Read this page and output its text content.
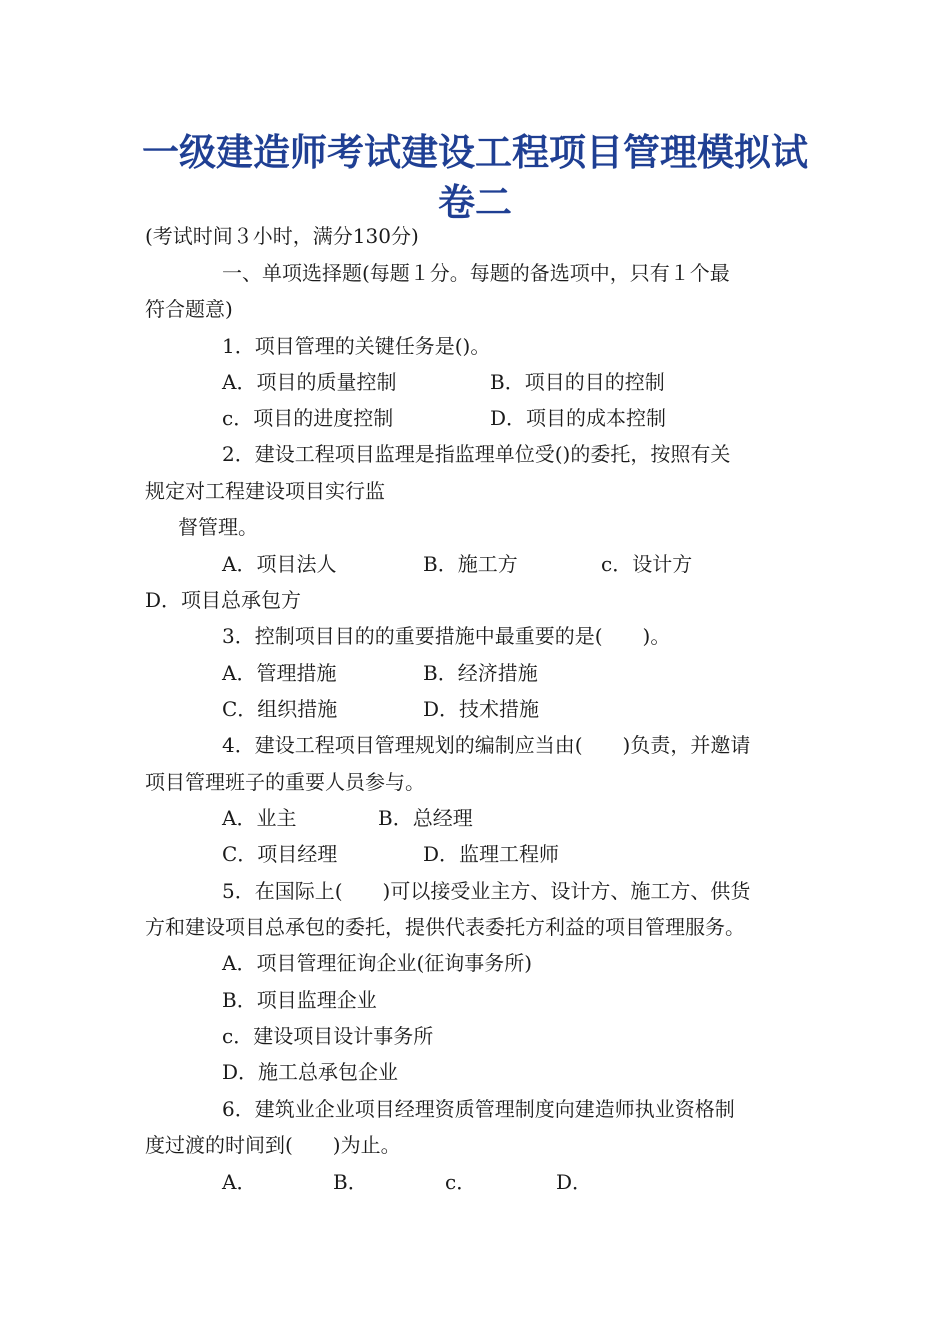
一级建造师考试建设工程项目管理模拟试
卷二

(考试时间３小时，满分130分)

一、单项选择题(每题１分。每题的备选项中，只有１个最

符合题意)

1．项目管理的关键任务是()。

A．项目的质量控制	B．项目的目的控制
c．项目的进度控制	D．项目的成本控制

2．建设工程项目监理是指监理单位受()的委托，按照有关

规定对工程建设项目实行监

督管理。

A．项目法人	B．施工方	c．设计方
D．项目总承包方

3．控制项目目的的重要措施中最重要的是(　　)。

A．管理措施	B．经济措施
C．组织措施	D．技术措施

4．建设工程项目管理规划的编制应当由(　　)负责，并邀请

项目管理班子的重要人员参与。

A．业主	B．总经理
C．项目经理	D．监理工程师

5．在国际上(　　)可以接受业主方、设计方、施工方、供货

方和建设项目总承包的委托，提供代表委托方利益的项目管理服务。

A．项目管理征询企业(征询事务所)
B．项目监理企业
c．建设项目设计事务所
D．施工总承包企业

6．建筑业企业项目经理资质管理制度向建造师执业资格制

度过渡的时间到(　　)为止。

A．	B．	c．	D．
